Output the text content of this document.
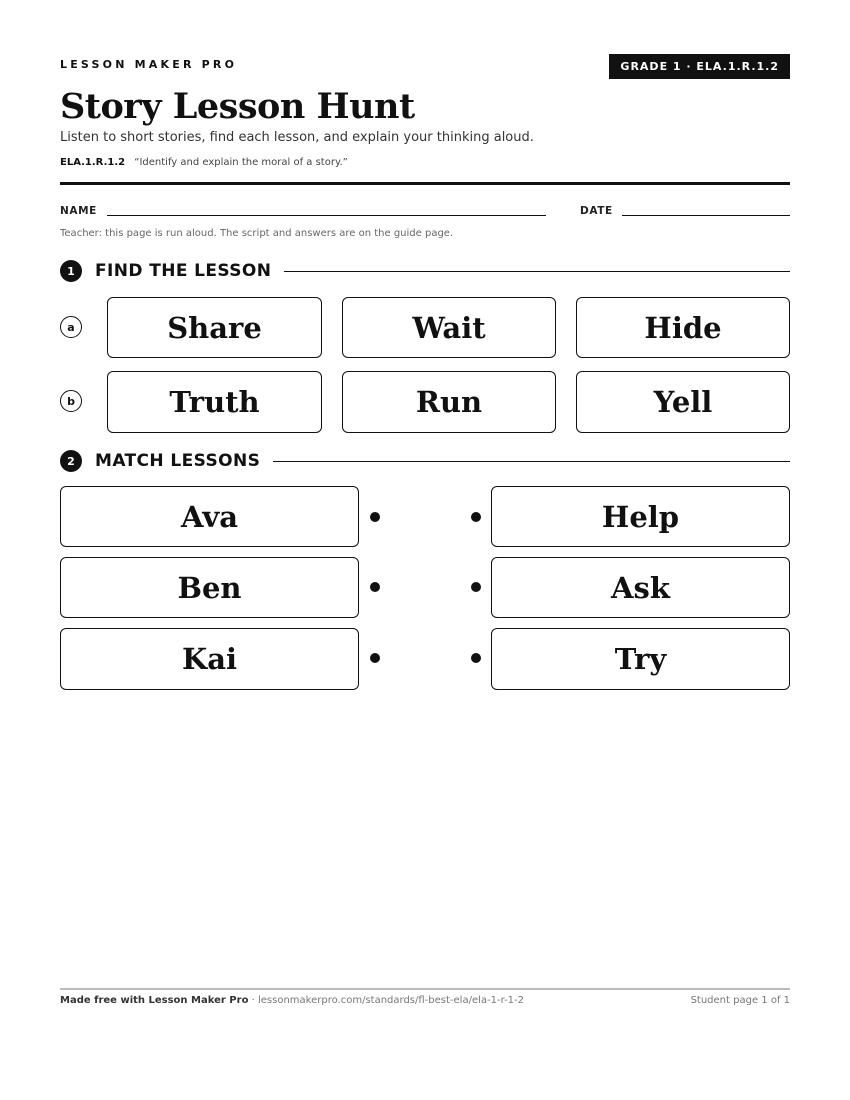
LESSON MAKER PRO	GRADE 1 · ELA.1.R.1.2
Story Lesson Hunt
Listen to short stories, find each lesson, and explain your thinking aloud.
ELA.1.R.1.2 “Identify and explain the moral of a story.”
NAME	DATE
Teacher: this page is run aloud. The script and answers are on the guide page.
1	FIND THE LESSON
a	Share	Wait	Hide
b	Truth	Run	Yell
2	MATCH LESSONS
Ava	Help
Ben	Ask
Kai	Try
Made free with Lesson Maker Pro · lessonmakerpro.com/standards/fl-best-ela/ela-1-r-1-2	Student page 1 of 1
